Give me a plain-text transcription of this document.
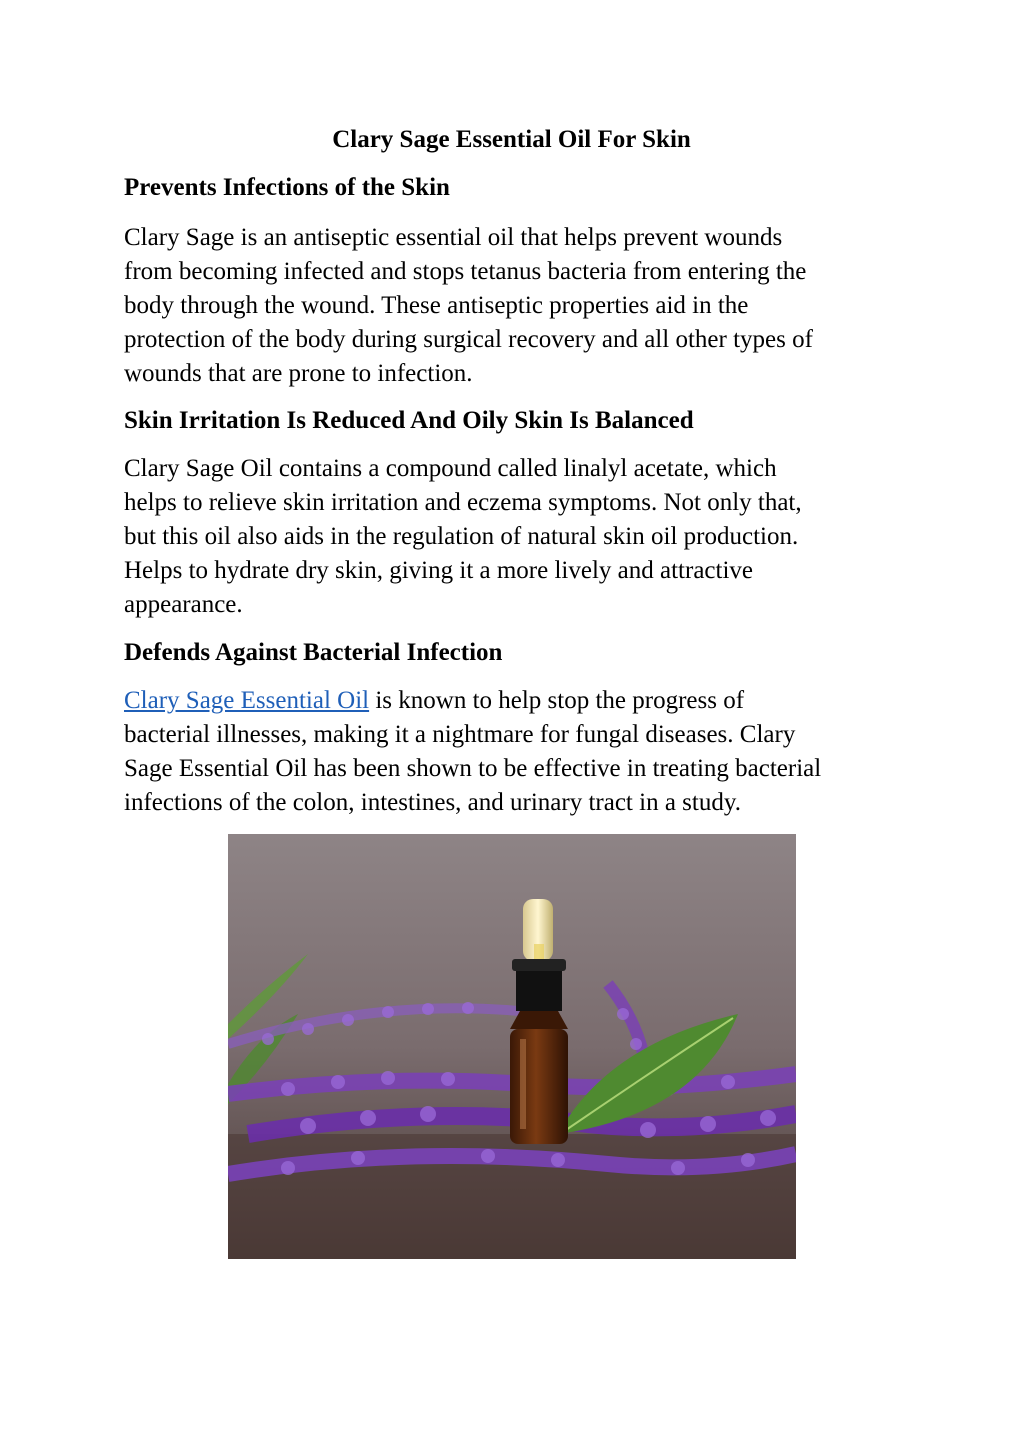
Clary Sage Essential Oil For Skin
Prevents Infections of the Skin

Clary Sage is an antiseptic essential oil that helps prevent wounds

from becoming infected and stops tetanus bacteria from entering the

body through the wound. These antiseptic properties aid in the

protection of the body during surgical recovery and all other types of

wounds that are prone to infection.

Skin Irritation Is Reduced And Oily Skin Is Balanced

Clary Sage Oil contains a compound called linalyl acetate, which

helps to relieve skin irritation and eczema symptoms. Not only that,

but this oil also aids in the regulation of natural skin oil production.

Helps to hydrate dry skin, giving it a more lively and attractive

appearance.

Defends Against Bacterial Infection

Clary Sage Essential Oil is known to help stop the progress of

bacterial illnesses, making it a nightmare for fungal diseases. Clary

Sage Essential Oil has been shown to be effective in treating bacterial

infections of the colon, intestines, and urinary tract in a study.
